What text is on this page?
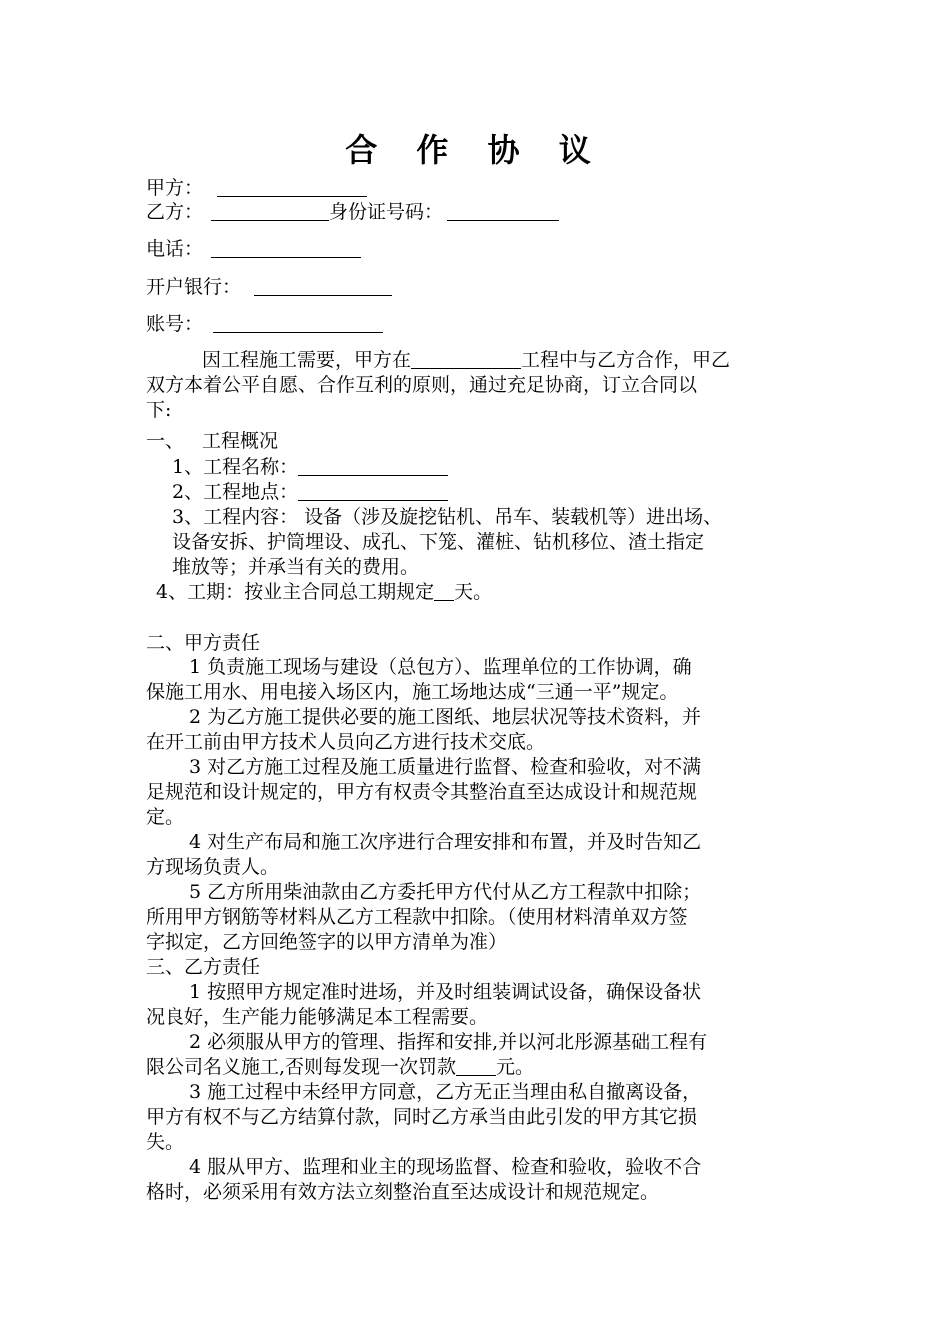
合 作 协 议
甲方：
乙方：	身份证号码：
电话：
开户银行：
账号：
因工程施工需要，甲方在	工程中与乙方合作，甲乙
双方本着公平自愿、合作互利的原则，通过充足协商，订立合同以
下:
一、 工程概况
1、工程名称：
2、工程地点：
3、工程内容： 设备（涉及旋挖钻机、吊车、装载机等）进出场、
设备安拆、护筒埋设、成孔、下笼、灌桩、钻机移位、渣土指定
堆放等；并承当有关的费用。
4、工期：按业主合同总工期规定 天。
二、甲方责任
1 负责施工现场与建设（总包方）、监理单位的工作协调，确
保施工用水、用电接入场区内，施工场地达成“三通一平”规定。
2 为乙方施工提供必要的施工图纸、地层状况等技术资料，并
在开工前由甲方技术人员向乙方进行技术交底。
3 对乙方施工过程及施工质量进行监督、检查和验收，对不满
足规范和设计规定的，甲方有权责令其整治直至达成设计和规范规
定。
4 对生产布局和施工次序进行合理安排和布置，并及时告知乙
方现场负责人。
5 乙方所用柴油款由乙方委托甲方代付从乙方工程款中扣除；
所用甲方钢筋等材料从乙方工程款中扣除。（使用材料清单双方签
字拟定，乙方回绝签字的以甲方清单为准）
三、乙方责任
1 按照甲方规定准时进场，并及时组装调试设备，确保设备状
况良好，生产能力能够满足本工程需要。
2 必须服从甲方的管理、指挥和安排,并以河北彤源基础工程有
限公司名义施工,否则每发现一次罚款 元。
3 施工过程中未经甲方同意，乙方无正当理由私自撤离设备，
甲方有权不与乙方结算付款，同时乙方承当由此引发的甲方其它损
失。
4 服从甲方、监理和业主的现场监督、检查和验收，验收不合
格时，必须采用有效方法立刻整治直至达成设计和规范规定。
